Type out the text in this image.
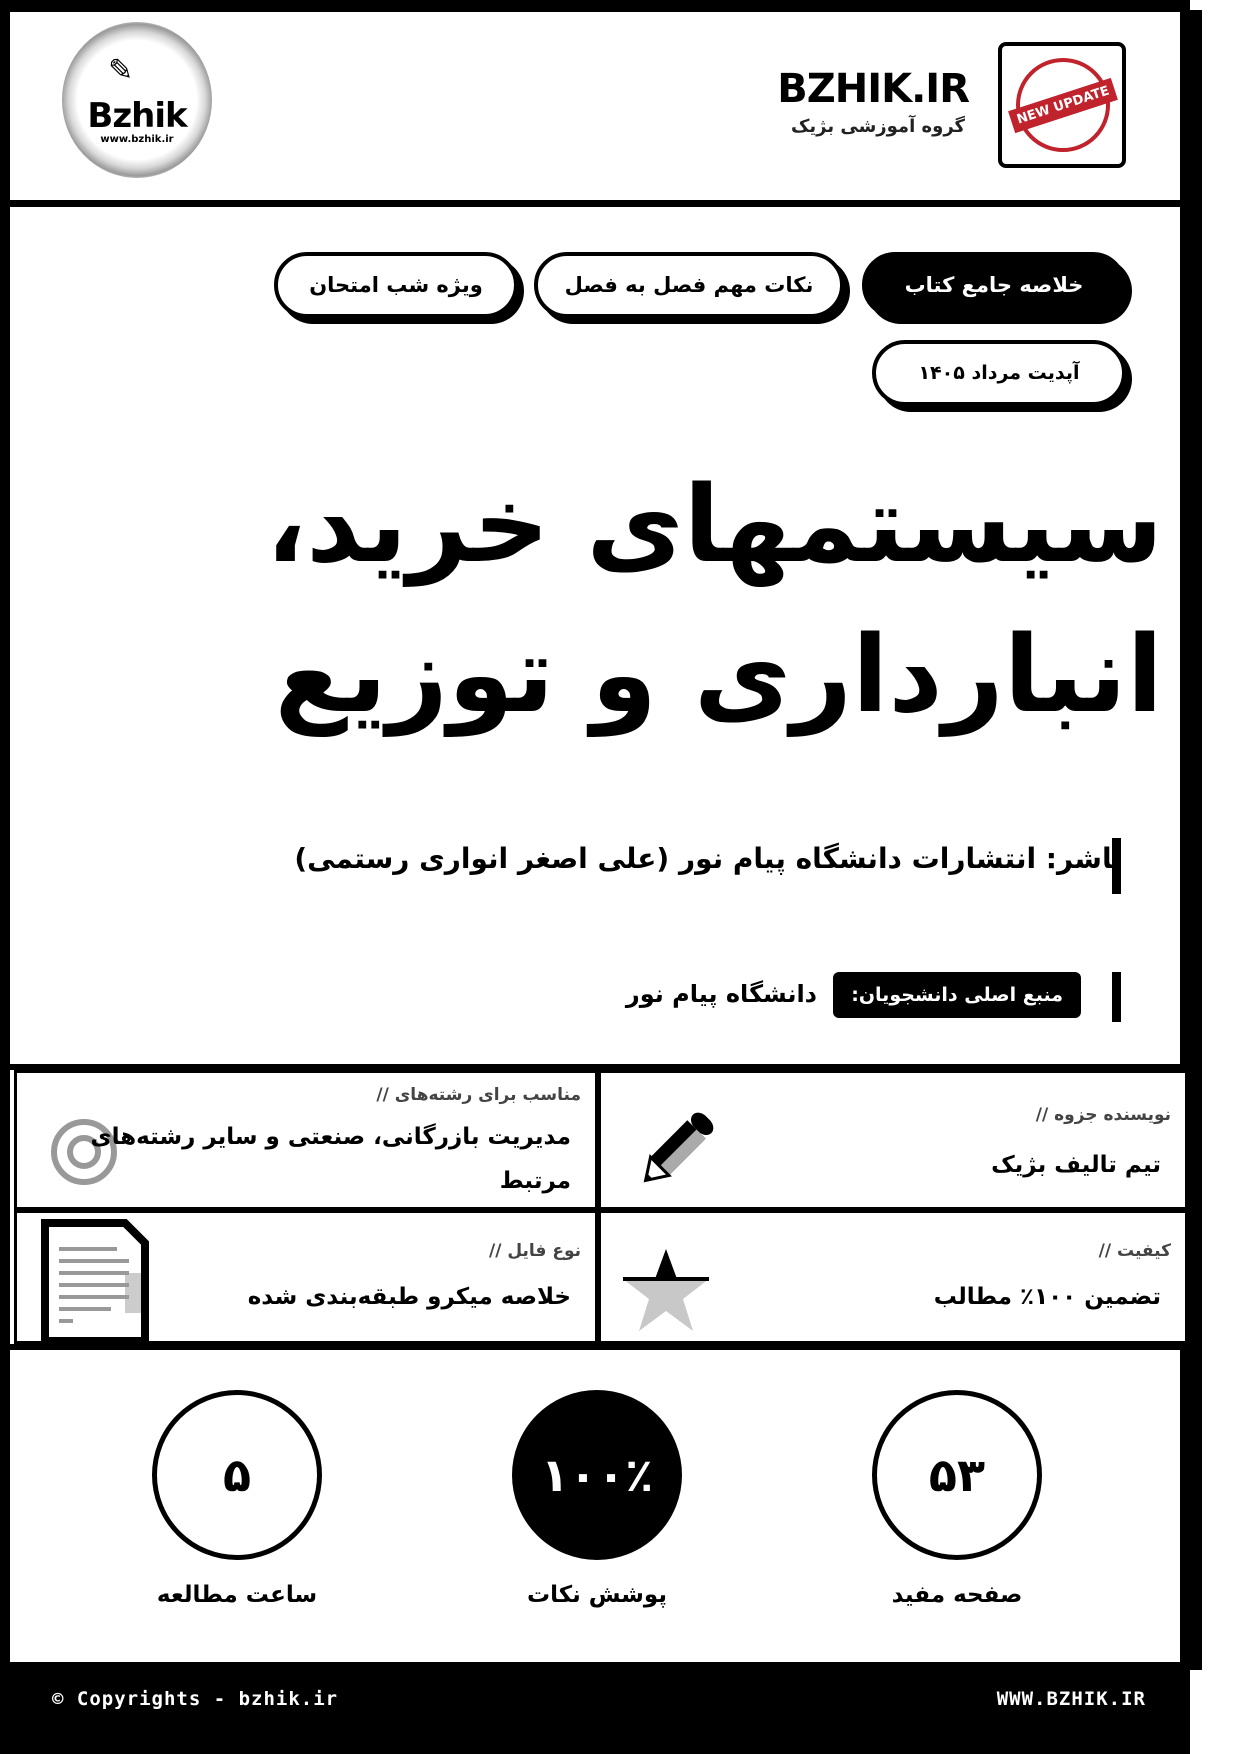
✎
Bzhik
www.bzhik.ir
BZHIK.IR
گروه آموزشی بژیک	NEW UPDATE
خلاصه جامع کتاب
نکات مهم فصل به فصل
ویژه شب امتحان
آپدیت مرداد ۱۴۰۵
سیستمهای خرید،
انبارداری و توزیع
ناشر: انتشارات دانشگاه پیام نور (علی اصغر انواری رستمی)
منبع اصلی دانشجویان:
دانشگاه پیام نور
مناسب برای رشته‌های //
مدیریت بازرگانی، صنعتی و سایر رشته‌های مرتبط
نویسنده جزوه //
تیم تالیف بژیک
نوع فایل //
خلاصه میکرو طبقه‌بندی شده
کیفیت //
تضمین ۱۰۰٪ مطالب
۵
ساعت مطالعه
۱۰۰٪
پوشش نکات
۵۳
صفحه مفید
© Copyrights - bzhik.ir	WWW.BZHIK.IR
